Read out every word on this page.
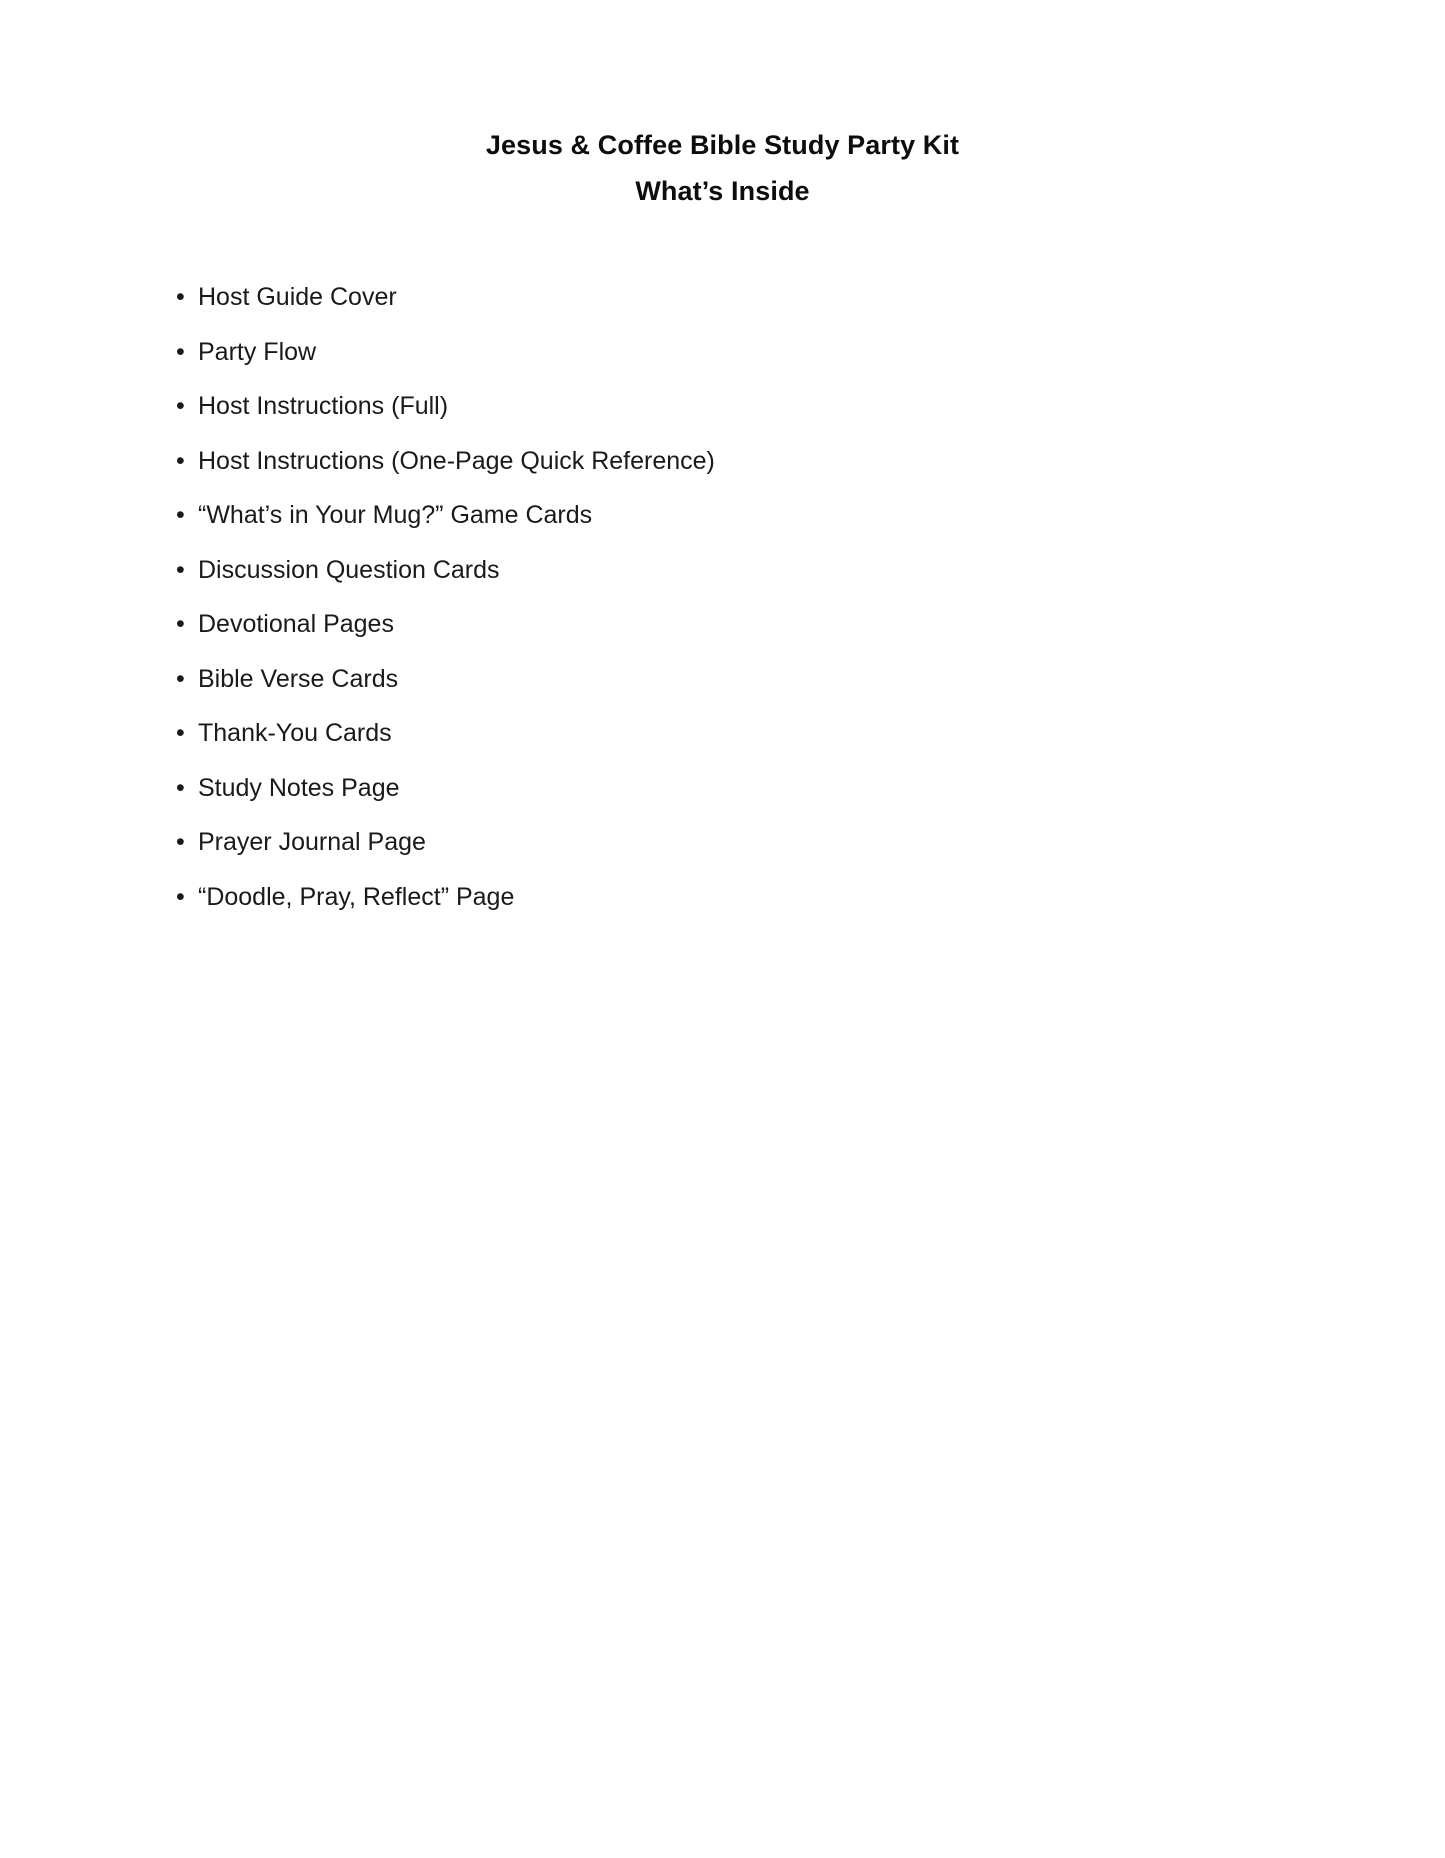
Jesus & Coffee Bible Study Party Kit
What’s Inside
• Host Guide Cover
• Party Flow
• Host Instructions (Full)
• Host Instructions (One-Page Quick Reference)
• “What’s in Your Mug?” Game Cards
• Discussion Question Cards
• Devotional Pages
• Bible Verse Cards
• Thank-You Cards
• Study Notes Page
• Prayer Journal Page
• “Doodle, Pray, Reflect” Page
